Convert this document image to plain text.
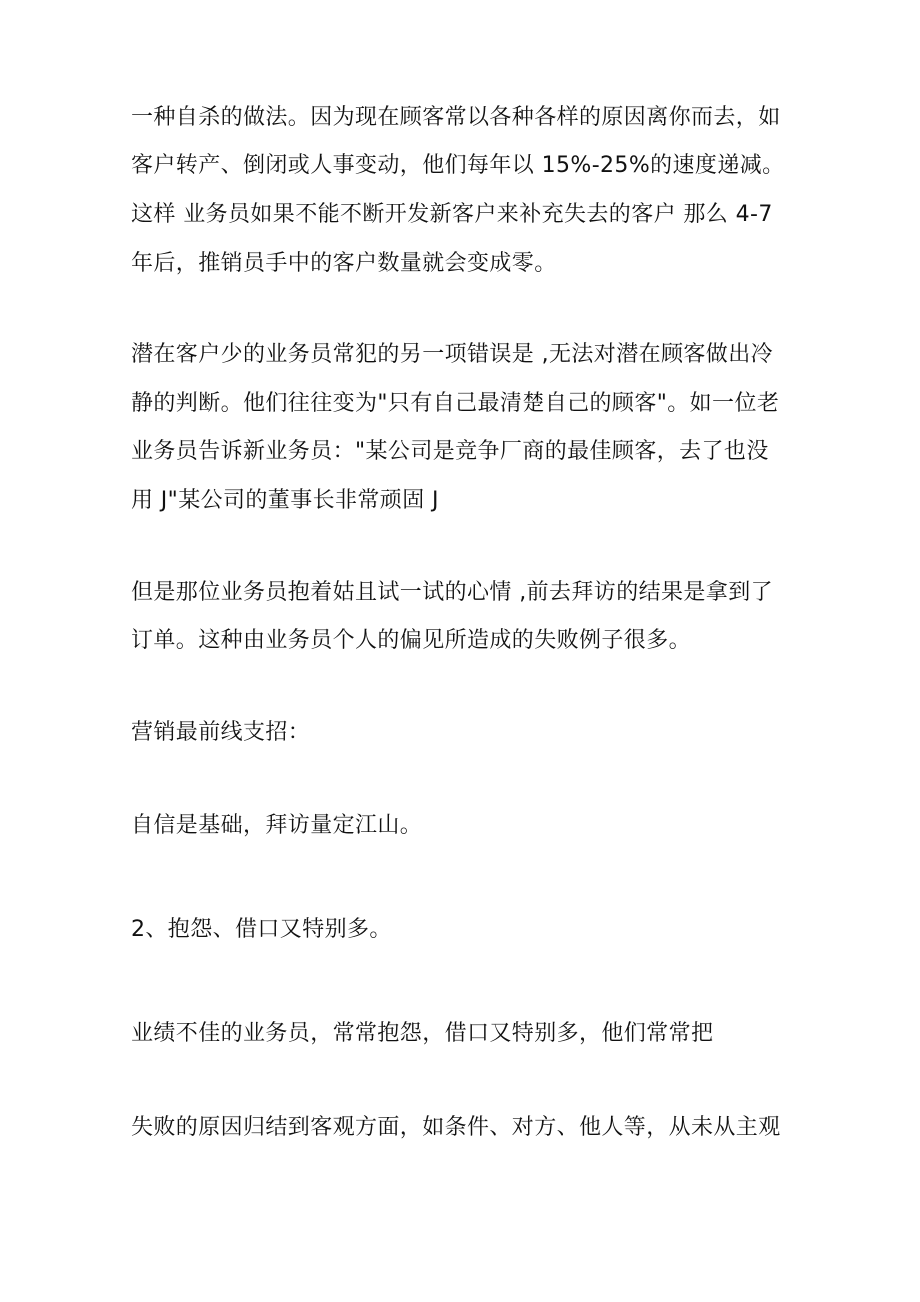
一种自杀的做法。因为现在顾客常以各种各样的原因离你而去，如

客户转产、倒闭或人事变动，他们每年以 15%-25%的速度递减。

这样 业务员如果不能不断开发新客户来补充失去的客户 那么 4-7

年后，推销员手中的客户数量就会变成零。

潜在客户少的业务员常犯的另一项错误是 ,无法对潜在顾客做出冷

静的判断。他们往往变为"只有自己最清楚自己的顾客"。如一位老

业务员告诉新业务员："某公司是竞争厂商的最佳顾客，去了也没

用 J"某公司的董事长非常顽固 J

但是那位业务员抱着姑且试一试的心情 ,前去拜访的结果是拿到了

订单。这种由业务员个人的偏见所造成的失败例子很多。

营销最前线支招：

自信是基础，拜访量定江山。

2、抱怨、借口又特别多。

业绩不佳的业务员，常常抱怨，借口又特别多，他们常常把

失败的原因归结到客观方面，如条件、对方、他人等，从未从主观
